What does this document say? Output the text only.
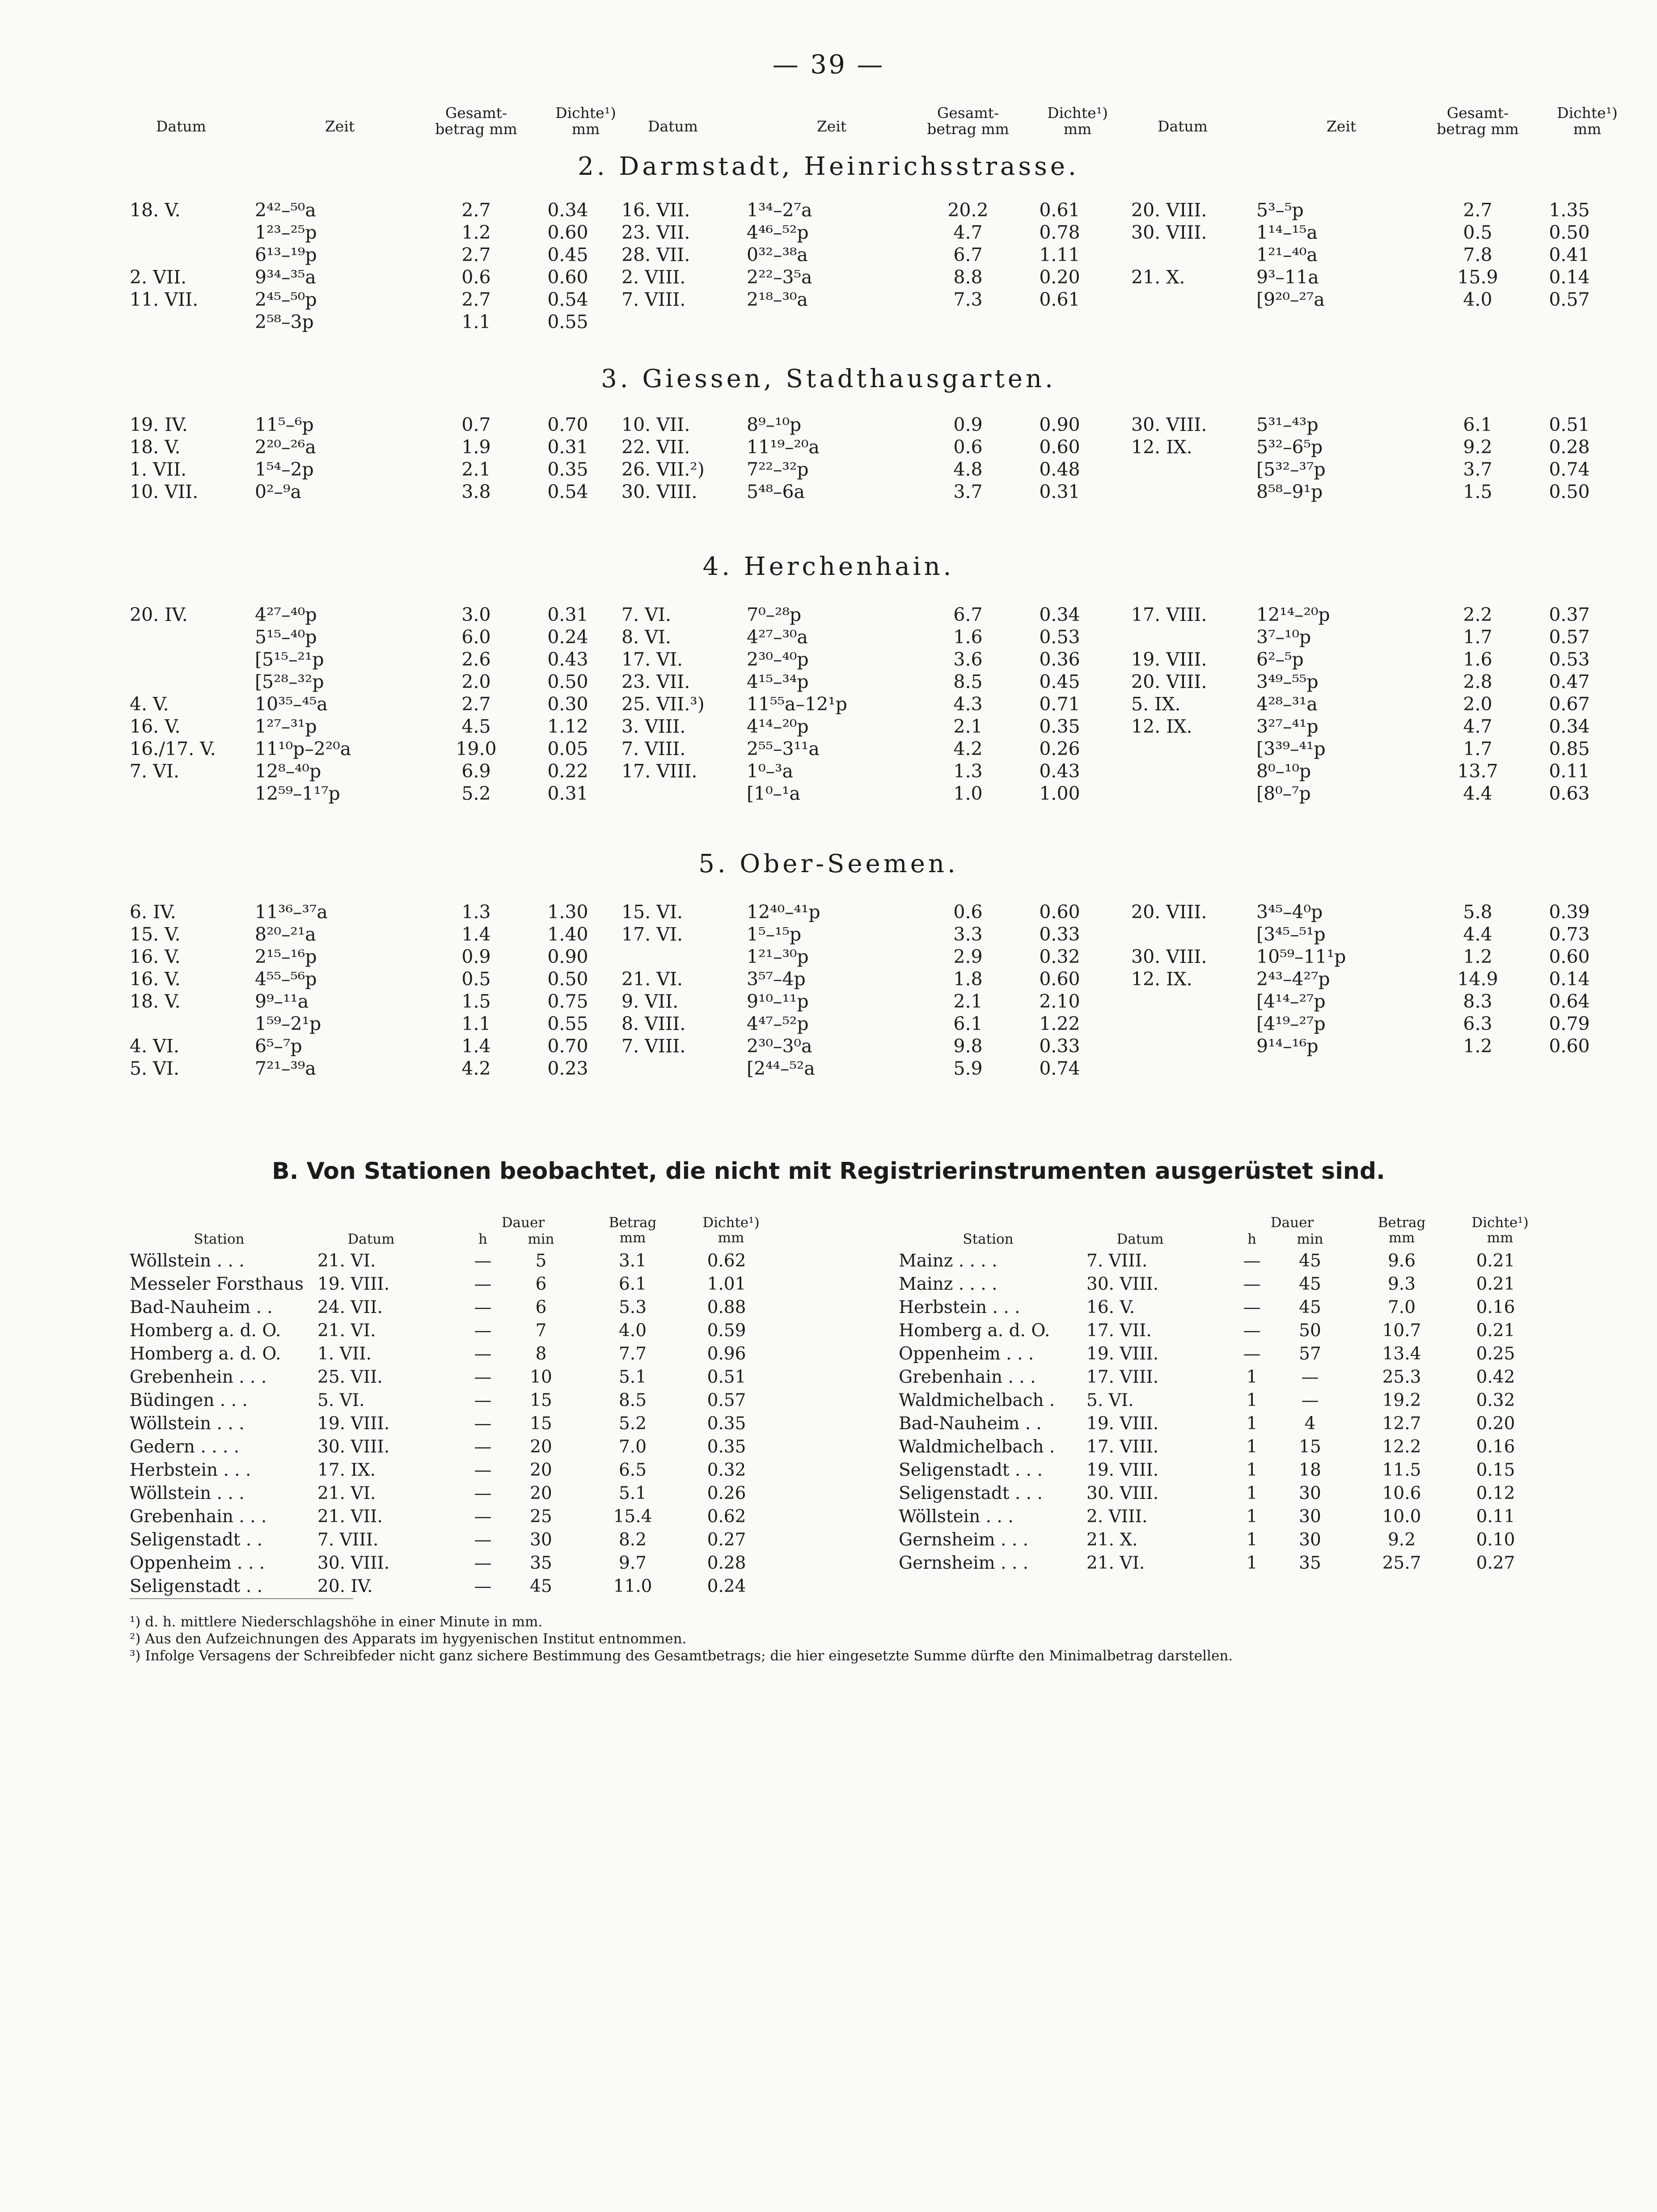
— 39 —
Datum	Zeit
Gesamt-
betrag mm
Dichte¹)
mm	Datum	Zeit
Gesamt-
betrag mm
Dichte¹)
mm	Datum	Zeit
Gesamt-
betrag mm
Dichte¹)
mm
2. Darmstadt, Heinrichsstrasse.
18. V.	2⁴²–⁵⁰a	2.7	0.34
1²³–²⁵p	1.2	0.60
6¹³–¹⁹p	2.7	0.45
2. VII.	9³⁴–³⁵a	0.6	0.60
11. VII.	2⁴⁵–⁵⁰p	2.7	0.54
2⁵⁸–3p	1.1	0.55
16. VII.	1³⁴–2⁷a	20.2	0.61
23. VII.	4⁴⁶–⁵²p	4.7	0.78
28. VII.	0³²–³⁸a	6.7	1.11
2. VIII.	2²²–3⁵a	8.8	0.20
7. VIII.	2¹⁸–³⁰a	7.3	0.61
20. VIII.	5³–⁵p	2.7	1.35
30. VIII.	1¹⁴–¹⁵a	0.5	0.50
1²¹–⁴⁰a	7.8	0.41
21. X.	9³–11a	15.9	0.14
[9²⁰–²⁷a	4.0	0.57
3. Giessen, Stadthausgarten.
19. IV.	11⁵–⁶p	0.7	0.70
18. V.	2²⁰–²⁶a	1.9	0.31
1. VII.	1⁵⁴–2p	2.1	0.35
10. VII.	0²–⁹a	3.8	0.54
10. VII.	8⁹–¹⁰p	0.9	0.90
22. VII.	11¹⁹–²⁰a	0.6	0.60
26. VII.²)	7²²–³²p	4.8	0.48
30. VIII.	5⁴⁸–6a	3.7	0.31
30. VIII.	5³¹–⁴³p	6.1	0.51
12. IX.	5³²–6⁵p	9.2	0.28
[5³²–³⁷p	3.7	0.74
8⁵⁸–9¹p	1.5	0.50
4. Herchenhain.
20. IV.	4²⁷–⁴⁰p	3.0	0.31
5¹⁵–⁴⁰p	6.0	0.24
[5¹⁵–²¹p	2.6	0.43
[5²⁸–³²p	2.0	0.50
4. V.	10³⁵–⁴⁵a	2.7	0.30
16. V.	1²⁷–³¹p	4.5	1.12
16./17. V.	11¹⁰p–2²⁰a	19.0	0.05
7. VI.	12⁸–⁴⁰p	6.9	0.22
12⁵⁹–1¹⁷p	5.2	0.31
7. VI.	7⁰–²⁸p	6.7	0.34
8. VI.	4²⁷–³⁰a	1.6	0.53
17. VI.	2³⁰–⁴⁰p	3.6	0.36
23. VII.	4¹⁵–³⁴p	8.5	0.45
25. VII.³)	11⁵⁵a–12¹p	4.3	0.71
3. VIII.	4¹⁴–²⁰p	2.1	0.35
7. VIII.	2⁵⁵–3¹¹a	4.2	0.26
17. VIII.	1⁰–³a	1.3	0.43
[1⁰–¹a	1.0	1.00
17. VIII.	12¹⁴–²⁰p	2.2	0.37
3⁷–¹⁰p	1.7	0.57
19. VIII.	6²–⁵p	1.6	0.53
20. VIII.	3⁴⁹–⁵⁵p	2.8	0.47
5. IX.	4²⁸–³¹a	2.0	0.67
12. IX.	3²⁷–⁴¹p	4.7	0.34
[3³⁹–⁴¹p	1.7	0.85
8⁰–¹⁰p	13.7	0.11
[8⁰–⁷p	4.4	0.63
5. Ober-Seemen.
6. IV.	11³⁶–³⁷a	1.3	1.30
15. V.	8²⁰–²¹a	1.4	1.40
16. V.	2¹⁵–¹⁶p	0.9	0.90
16. V.	4⁵⁵–⁵⁶p	0.5	0.50
18. V.	9⁹–¹¹a	1.5	0.75
1⁵⁹–2¹p	1.1	0.55
4. VI.	6⁵–⁷p	1.4	0.70
5. VI.	7²¹–³⁹a	4.2	0.23
15. VI.	12⁴⁰–⁴¹p	0.6	0.60
17. VI.	1⁵–¹⁵p	3.3	0.33
1²¹–³⁰p	2.9	0.32
21. VI.	3⁵⁷–4p	1.8	0.60
9. VII.	9¹⁰–¹¹p	2.1	2.10
8. VIII.	4⁴⁷–⁵²p	6.1	1.22
7. VIII.	2³⁰–3⁰a	9.8	0.33
[2⁴⁴–⁵²a	5.9	0.74
20. VIII.	3⁴⁵–4⁰p	5.8	0.39
[3⁴⁵–⁵¹p	4.4	0.73
30. VIII.	10⁵⁹–11¹p	1.2	0.60
12. IX.	2⁴³–4²⁷p	14.9	0.14
[4¹⁴–²⁷p	8.3	0.64
[4¹⁹–²⁷p	6.3	0.79
9¹⁴–¹⁶p	1.2	0.60
B. Von Stationen beobachtet, die nicht mit Registrierinstrumenten ausgerüstet sind.
Station	Datum
Dauer
h	min
Betrag
mm
Dichte¹)
mm	Station	Datum
Dauer
h	min
Betrag
mm
Dichte¹)
mm
Wöllstein . . .	21. VI.	—	5	3.1	0.62
Messeler Forsthaus 19. VIII.	—	6	6.1	1.01
Bad-Nauheim . .	24. VII.	—	6	5.3	0.88
Homberg a. d. O.	21. VI.	—	7	4.0	0.59
Homberg a. d. O.	1. VII.	—	8	7.7	0.96
Grebenhein . . .	25. VII.	—	10	5.1	0.51
Büdingen . . .	5. VI.	—	15	8.5	0.57
Wöllstein . . .	19. VIII.	—	15	5.2	0.35
Gedern . . . .	30. VIII.	—	20	7.0	0.35
Herbstein . . .	17. IX.	—	20	6.5	0.32
Wöllstein . . .	21. VI.	—	20	5.1	0.26
Grebenhain . . .	21. VII.	—	25	15.4	0.62
Seligenstadt . .	7. VIII.	—	30	8.2	0.27
Oppenheim . . .	30. VIII.	—	35	9.7	0.28
Seligenstadt . .	20. IV.	—	45	11.0	0.24
Mainz . . . .	7. VIII.	—	45	9.6	0.21
Mainz . . . .	30. VIII.	—	45	9.3	0.21
Herbstein . . .	16. V.	—	45	7.0	0.16
Homberg a. d. O.	17. VII.	—	50	10.7	0.21
Oppenheim . . .	19. VIII.	—	57	13.4	0.25
Grebenhain . . .	17. VIII.	1	—	25.3	0.42
Waldmichelbach .	5. VI.	1	—	19.2	0.32
Bad-Nauheim . .	19. VIII.	1	4	12.7	0.20
Waldmichelbach .	17. VIII.	1	15	12.2	0.16
Seligenstadt . . .	19. VIII.	1	18	11.5	0.15
Seligenstadt . . .	30. VIII.	1	30	10.6	0.12
Wöllstein . . .	2. VIII.	1	30	10.0	0.11
Gernsheim . . .	21. X.	1	30	9.2	0.10
Gernsheim . . .	21. VI.	1	35	25.7	0.27
¹) d. h. mittlere Niederschlagshöhe in einer Minute in mm.
²) Aus den Aufzeichnungen des Apparats im hygyenischen Institut entnommen.
³) Infolge Versagens der Schreibfeder nicht ganz sichere Bestimmung des Gesamtbetrags; die hier eingesetzte Summe dürfte den Minimalbetrag darstellen.
